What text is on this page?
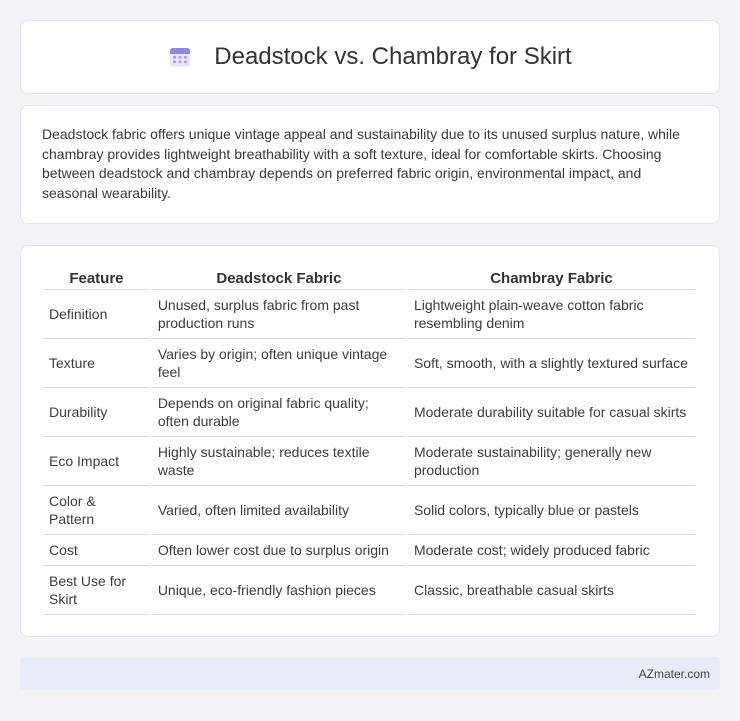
Deadstock vs. Chambray for Skirt

Deadstock fabric offers unique vintage appeal and sustainability due to its unused surplus nature, while chambray provides lightweight breathability with a soft texture, ideal for comfortable skirts. Choosing between deadstock and chambray depends on preferred fabric origin, environmental impact, and seasonal wearability.

Feature	Deadstock Fabric	Chambray Fabric
Definition	Unused, surplus fabric from past production runs	Lightweight plain-weave cotton fabric resembling denim
Texture	Varies by origin; often unique vintage feel	Soft, smooth, with a slightly textured surface
Durability	Depends on original fabric quality; often durable	Moderate durability suitable for casual skirts
Eco Impact	Highly sustainable; reduces textile waste	Moderate sustainability; generally new production
Color & Pattern	Varied, often limited availability	Solid colors, typically blue or pastels
Cost	Often lower cost due to surplus origin	Moderate cost; widely produced fabric
Best Use for Skirt	Unique, eco-friendly fashion pieces	Classic, breathable casual skirts
AZmater.com
